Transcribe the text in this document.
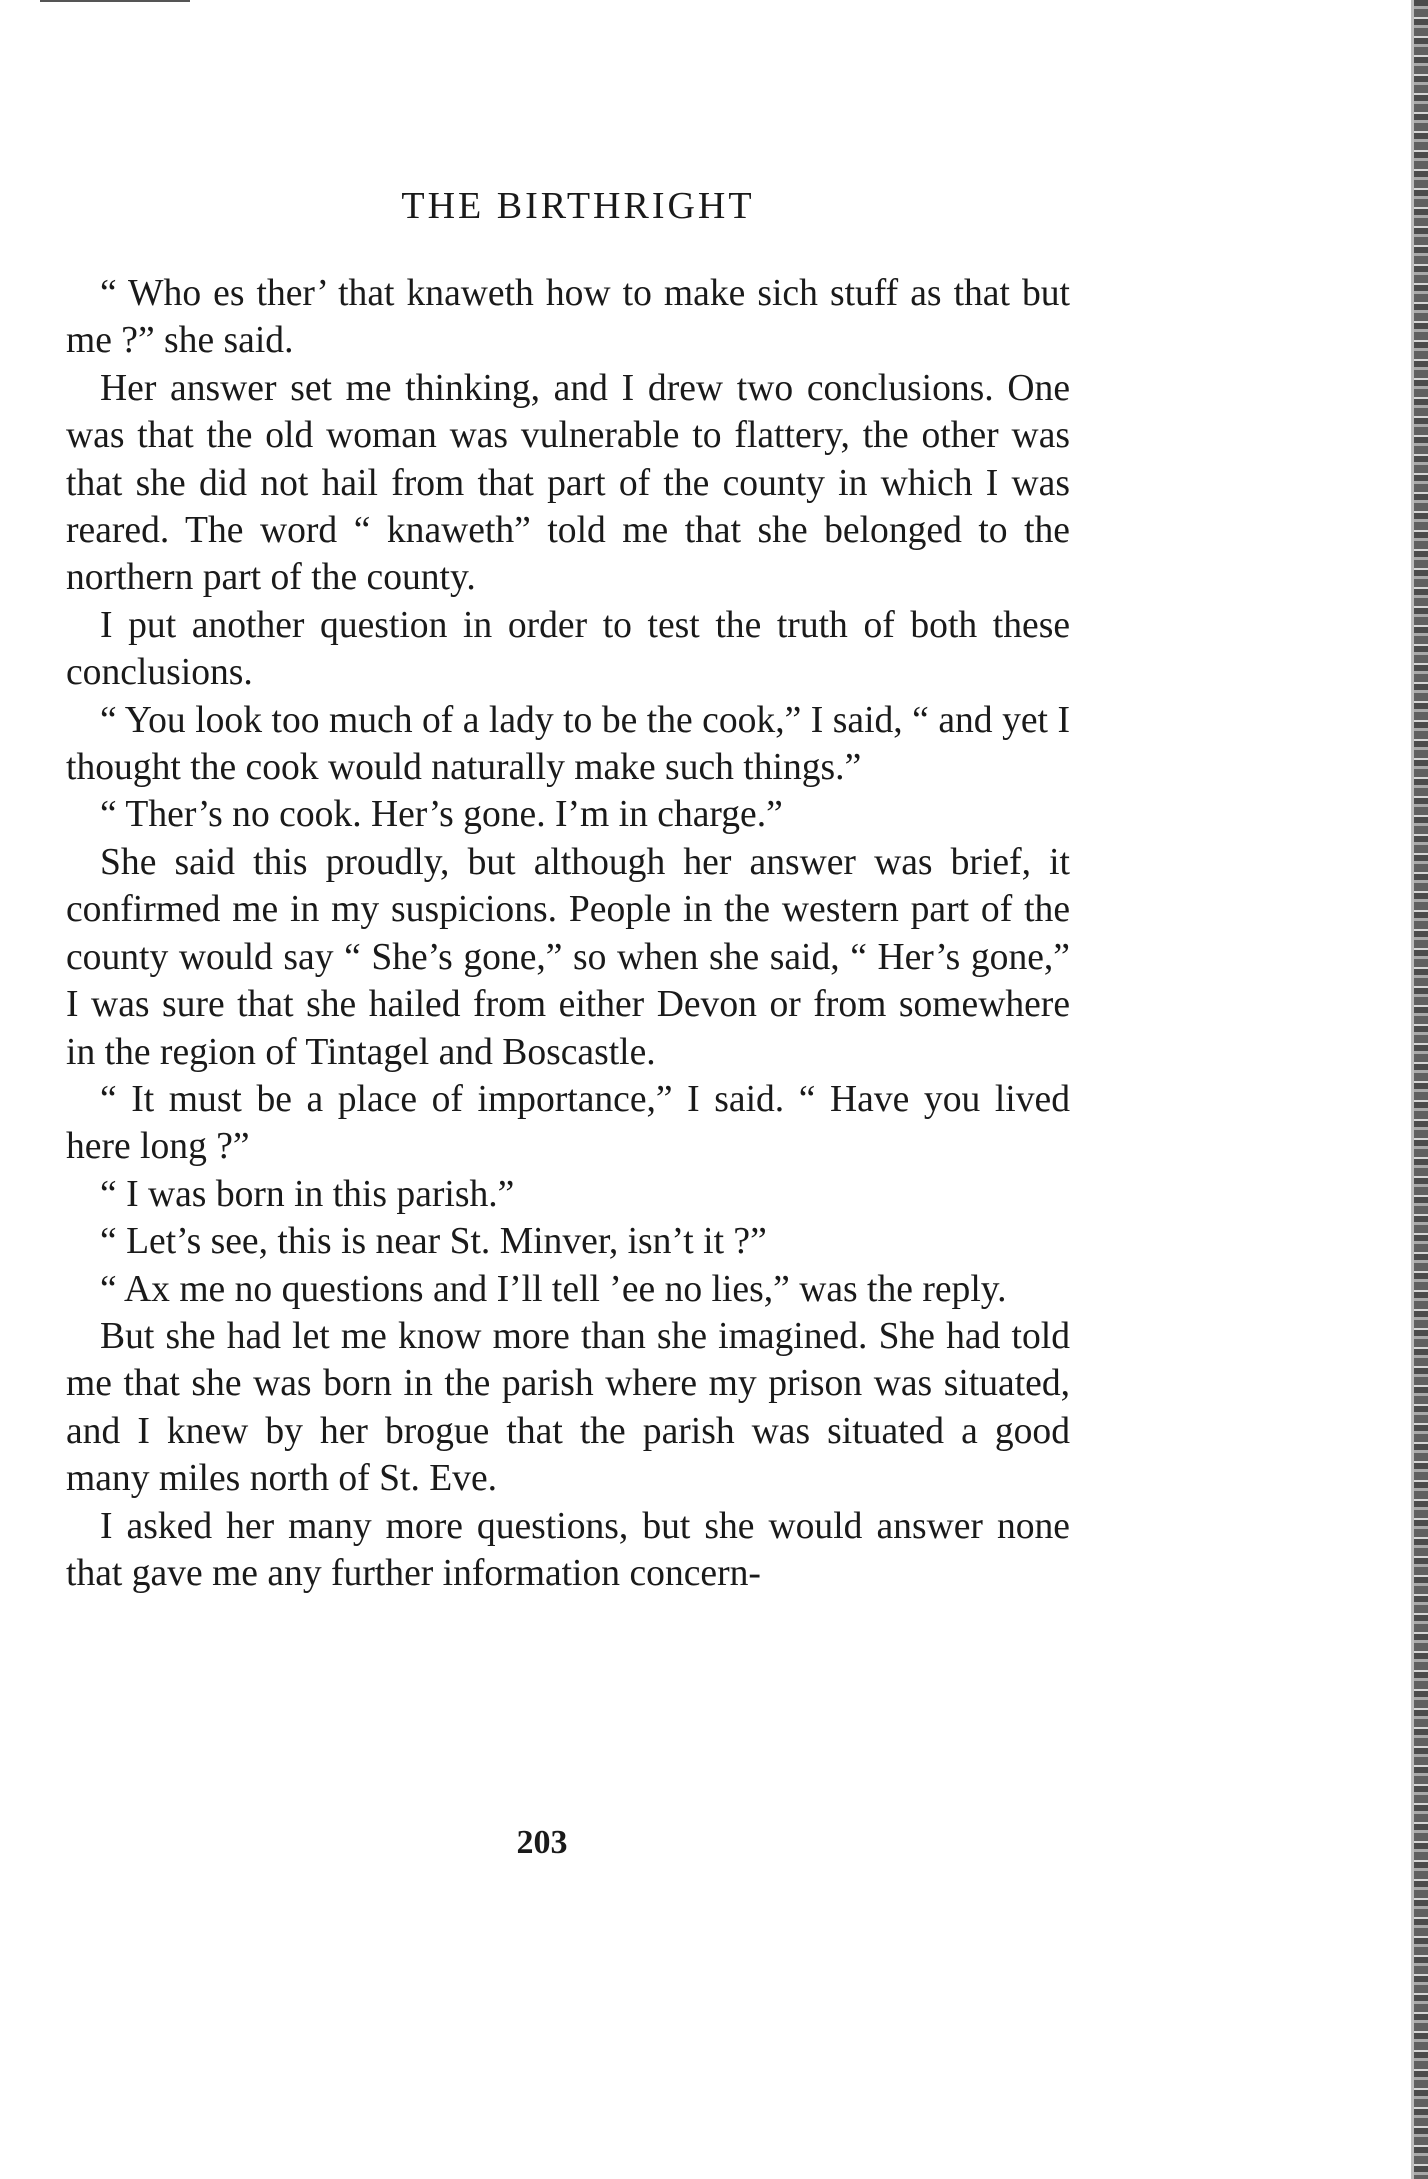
THE BIRTHRIGHT

“ Who es ther’ that knaweth how to make sich stuff as that but me ?” she said.

Her answer set me thinking, and I drew two conclusions. One was that the old woman was vulnerable to flattery, the other was that she did not hail from that part of the county in which I was reared. The word “ knaweth” told me that she belonged to the northern part of the county.

I put another question in order to test the truth of both these conclusions.

“ You look too much of a lady to be the cook,” I said, “ and yet I thought the cook would naturally make such things.”

“ Ther’s no cook. Her’s gone. I’m in charge.”

She said this proudly, but although her answer was brief, it confirmed me in my suspicions. People in the western part of the county would say “ She’s gone,” so when she said, “ Her’s gone,” I was sure that she hailed from either Devon or from somewhere in the region of Tintagel and Boscastle.

“ It must be a place of importance,” I said. “ Have you lived here long ?”

“ I was born in this parish.”

“ Let’s see, this is near St. Minver, isn’t it ?”

“ Ax me no questions and I’ll tell ’ee no lies,” was the reply.

But she had let me know more than she imagined. She had told me that she was born in the parish where my prison was situated, and I knew by her brogue that the parish was situated a good many miles north of St. Eve.

I asked her many more questions, but she would answer none that gave me any further information concern-

203
